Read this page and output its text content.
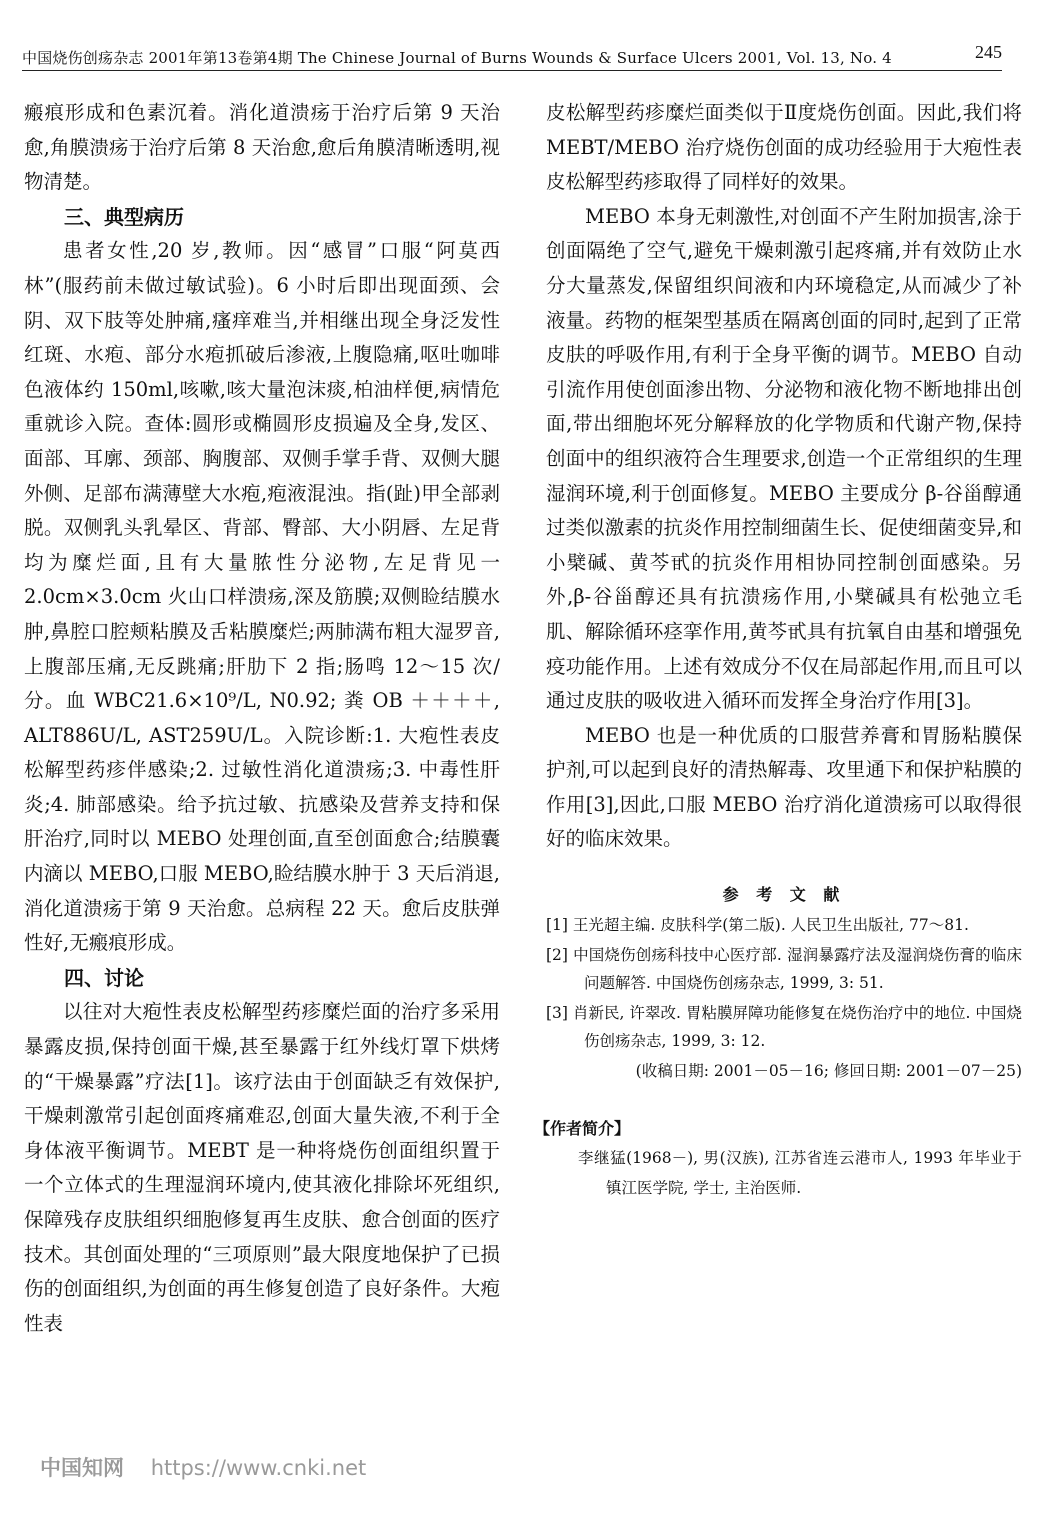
中国烧伤创疡杂志 2001年第13卷第4期 The Chinese Journal of Burns Wounds & Surface Ulcers 2001, Vol. 13, No. 4	245

瘢痕形成和色素沉着。消化道溃疡于治疗后第 9 天治愈,角膜溃疡于治疗后第 8 天治愈,愈后角膜清晰透明,视物清楚。

三、典型病历

患者女性,20 岁,教师。因“感冒”口服“阿莫西林”(服药前未做过敏试验)。6 小时后即出现面颈、会阴、双下肢等处肿痛,瘙痒难当,并相继出现全身泛发性红斑、水疱、部分水疱抓破后渗液,上腹隐痛,呕吐咖啡色液体约 150ml,咳嗽,咳大量泡沫痰,柏油样便,病情危重就诊入院。查体:圆形或椭圆形皮损遍及全身,发区、面部、耳廓、颈部、胸腹部、双侧手掌手背、双侧大腿外侧、足部布满薄壁大水疱,疱液混浊。指(趾)甲全部剥脱。双侧乳头乳晕区、背部、臀部、大小阴唇、左足背均为糜烂面,且有大量脓性分泌物,左足背见一 2.0cm×3.0cm 火山口样溃疡,深及筋膜;双侧睑结膜水肿,鼻腔口腔颊粘膜及舌粘膜糜烂;两肺满布粗大湿罗音,上腹部压痛,无反跳痛;肝肋下 2 指;肠鸣 12～15 次/分。血 WBC21.6×10⁹/L, N0.92; 粪 OB ＋＋＋＋, ALT886U/L, AST259U/L。入院诊断:1. 大疱性表皮松解型药疹伴感染;2. 过敏性消化道溃疡;3. 中毒性肝炎;4. 肺部感染。给予抗过敏、抗感染及营养支持和保肝治疗,同时以 MEBO 处理创面,直至创面愈合;结膜囊内滴以 MEBO,口服 MEBO,睑结膜水肿于 3 天后消退,消化道溃疡于第 9 天治愈。总病程 22 天。愈后皮肤弹性好,无瘢痕形成。

四、讨论

以往对大疱性表皮松解型药疹糜烂面的治疗多采用暴露皮损,保持创面干燥,甚至暴露于红外线灯罩下烘烤的“干燥暴露”疗法[1]。该疗法由于创面缺乏有效保护,干燥刺激常引起创面疼痛难忍,创面大量失液,不利于全身体液平衡调节。MEBT 是一种将烧伤创面组织置于一个立体式的生理湿润环境内,使其液化排除坏死组织,保障残存皮肤组织细胞修复再生皮肤、愈合创面的医疗技术。其创面处理的“三项原则”最大限度地保护了已损伤的创面组织,为创面的再生修复创造了良好条件。大疱性表

皮松解型药疹糜烂面类似于Ⅱ度烧伤创面。因此,我们将 MEBT/MEBO 治疗烧伤创面的成功经验用于大疱性表皮松解型药疹取得了同样好的效果。

MEBO 本身无刺激性,对创面不产生附加损害,涂于创面隔绝了空气,避免干燥刺激引起疼痛,并有效防止水分大量蒸发,保留组织间液和内环境稳定,从而减少了补液量。药物的框架型基质在隔离创面的同时,起到了正常皮肤的呼吸作用,有利于全身平衡的调节。MEBO 自动引流作用使创面渗出物、分泌物和液化物不断地排出创面,带出细胞坏死分解释放的化学物质和代谢产物,保持创面中的组织液符合生理要求,创造一个正常组织的生理湿润环境,利于创面修复。MEBO 主要成分 β-谷甾醇通过类似激素的抗炎作用控制细菌生长、促使细菌变异,和小檗碱、黄芩甙的抗炎作用相协同控制创面感染。另外,β-谷甾醇还具有抗溃疡作用,小檗碱具有松弛立毛肌、解除循环痉挛作用,黄芩甙具有抗氧自由基和增强免疫功能作用。上述有效成分不仅在局部起作用,而且可以通过皮肤的吸收进入循环而发挥全身治疗作用[3]。

MEBO 也是一种优质的口服营养膏和胃肠粘膜保护剂,可以起到良好的清热解毒、攻里通下和保护粘膜的作用[3],因此,口服 MEBO 治疗消化道溃疡可以取得很好的临床效果。

参 考 文 献
[1] 王光超主编. 皮肤科学(第二版). 人民卫生出版社, 77～81.
[2] 中国烧伤创疡科技中心医疗部. 湿润暴露疗法及湿润烧伤膏的临床问题解答. 中国烧伤创疡杂志, 1999, 3: 51.
[3] 肖新民, 许翠改. 胃粘膜屏障功能修复在烧伤治疗中的地位. 中国烧伤创疡杂志, 1999, 3: 12.
(收稿日期: 2001－05－16; 修回日期: 2001－07－25)
【作者简介】
李继猛(1968－), 男(汉族), 江苏省连云港市人, 1993 年毕业于镇江医学院, 学士, 主治医师.
中国知网 https://www.cnki.net
